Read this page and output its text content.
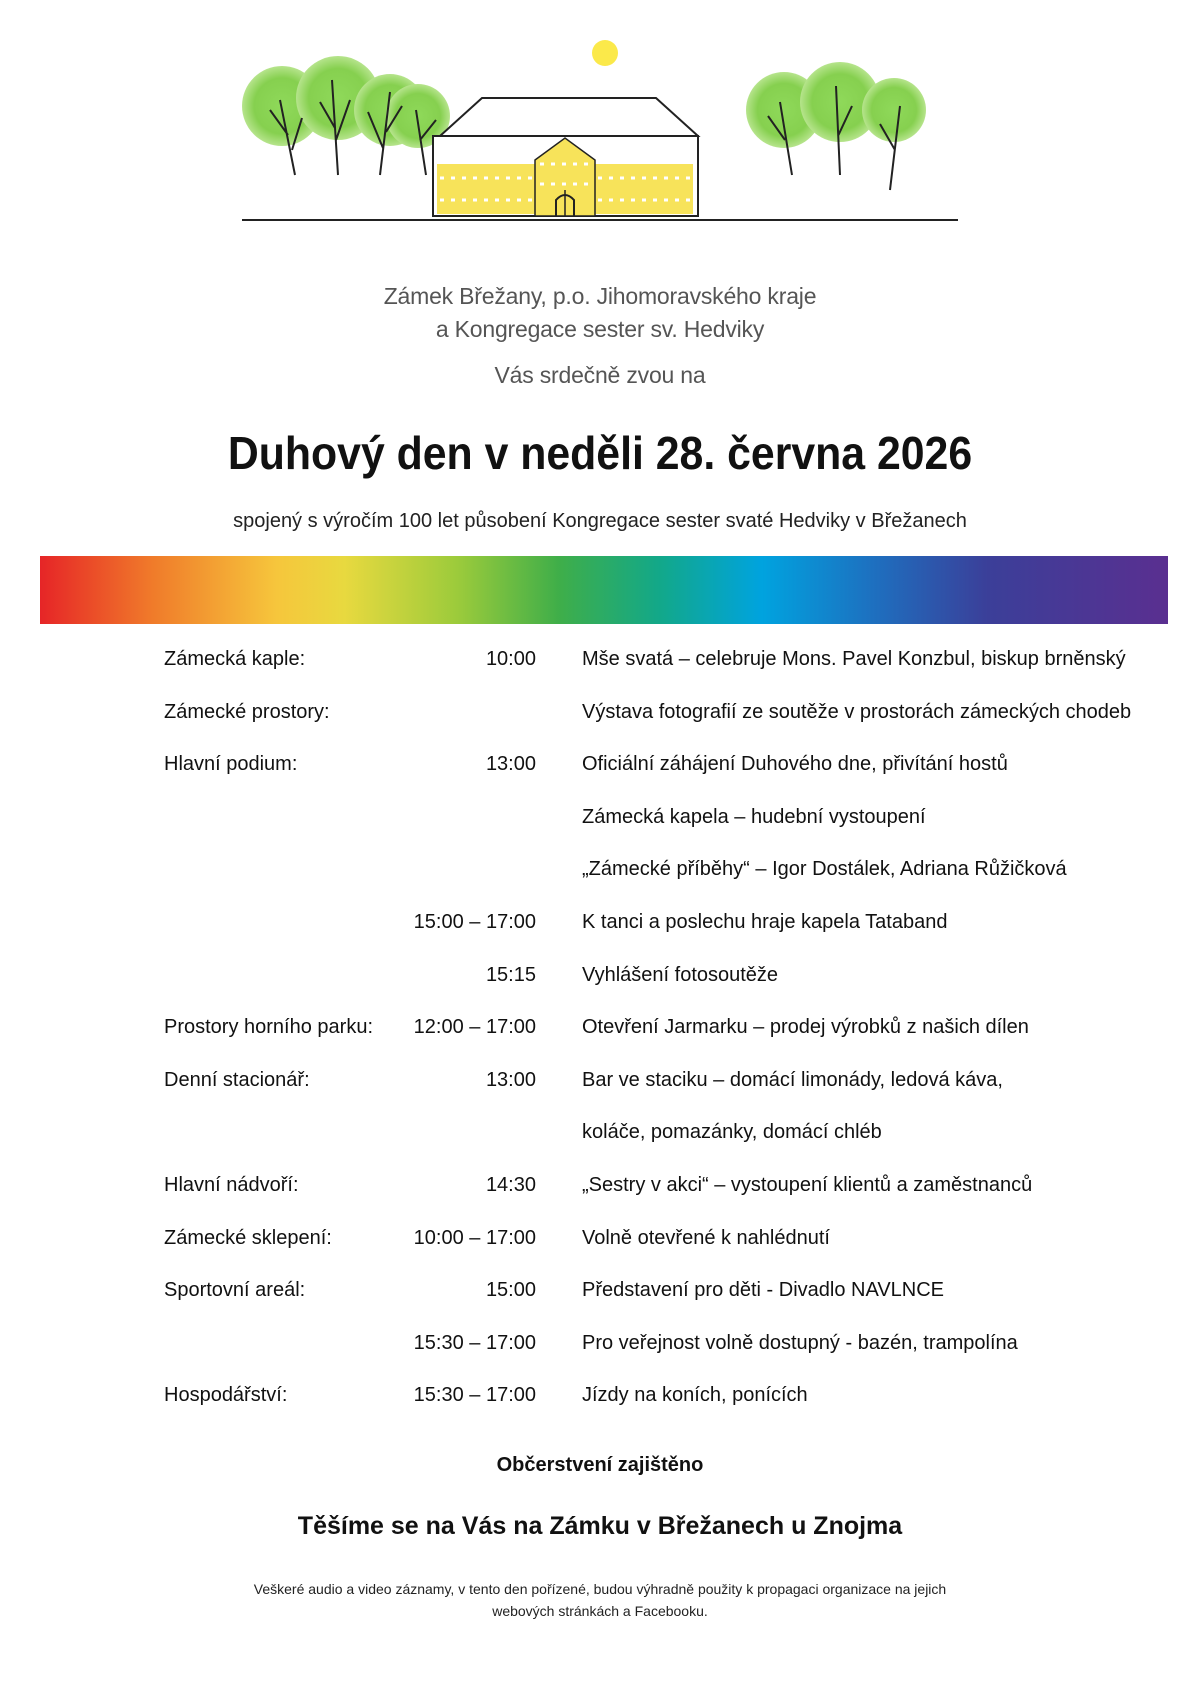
Zámek Břežany, p.o. Jihomoravského kraje
a Kongregace sester sv. Hedviky
Vás srdečně zvou na
Duhový den v neděli 28. června 2026
spojený s výročím 100 let působení Kongregace sester svaté Hedviky v Břežanech
Zámecká kaple:	10:00 Mše svatá – celebruje Mons. Pavel Konzbul, biskup brněnský
Zámecké prostory:	Výstava fotografií ze soutěže v prostorách zámeckých chodeb
Hlavní podium:	13:00 Oficiální záhájení Duhového dne, přivítání hostů
Zámecká kapela – hudební vystoupení
„Zámecké příběhy“ – Igor Dostálek, Adriana Růžičková
15:00 – 17:00 K tanci a poslechu hraje kapela Tataband
15:15 Vyhlášení fotosoutěže
Prostory horního parku:	12:00 – 17:00 Otevření Jarmarku – prodej výrobků z našich dílen
Denní stacionář:	13:00 Bar ve staciku – domácí limonády, ledová káva,
koláče, pomazánky, domácí chléb
Hlavní nádvoří:	14:30 „Sestry v akci“ – vystoupení klientů a zaměstnanců
Zámecké sklepení:	10:00 – 17:00 Volně otevřené k nahlédnutí
Sportovní areál:	15:00 Představení pro děti - Divadlo NAVLNCE
15:30 – 17:00 Pro veřejnost volně dostupný - bazén, trampolína
Hospodářství:	15:30 – 17:00 Jízdy na koních, ponících
Občerstvení zajištěno
Těšíme se na Vás na Zámku v Břežanech u Znojma
Veškeré audio a video záznamy, v tento den pořízené, budou výhradně použity k propagaci organizace na jejich
webových stránkách a Facebooku.
